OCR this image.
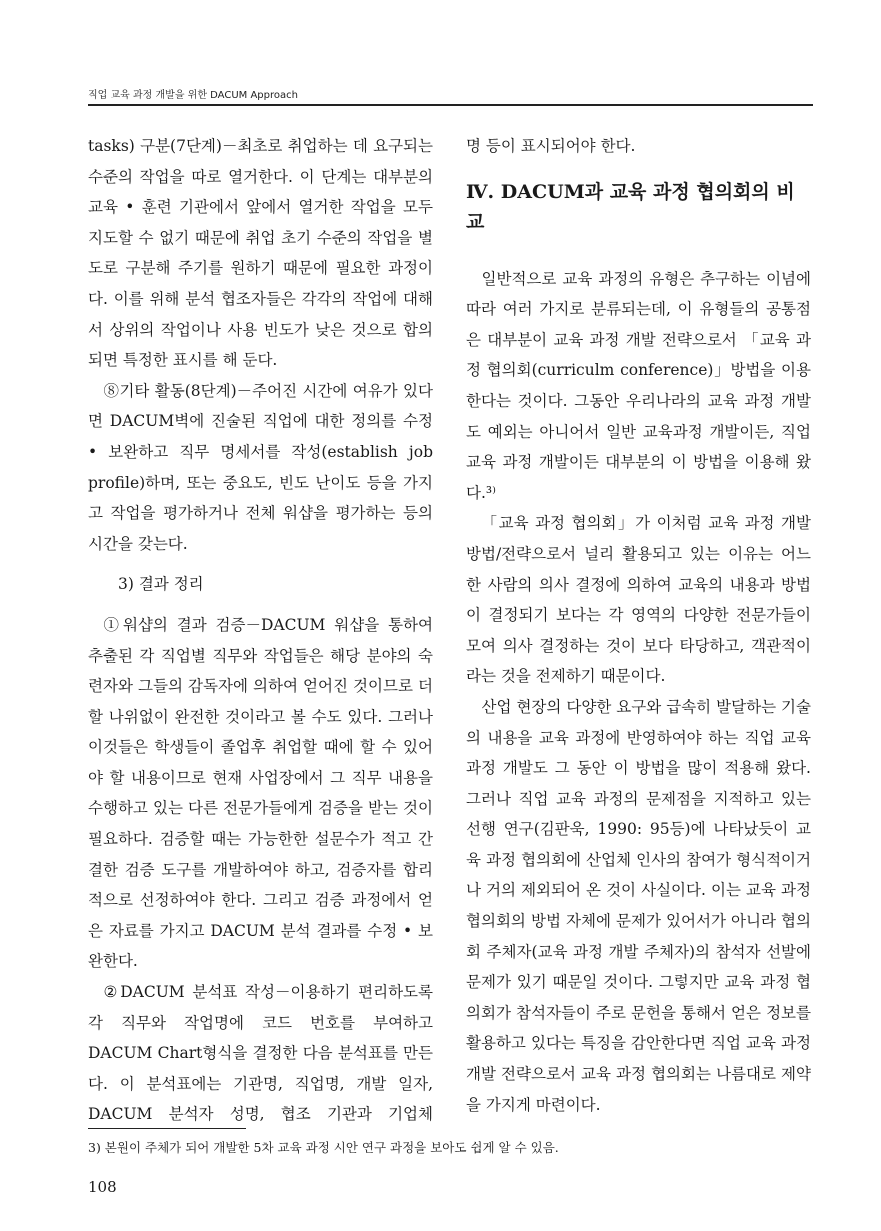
직업 교육 과정 개발을 위한 DACUM Approach

tasks) 구분(7단계)－최초로 취업하는 데 요구되는 수준의 작업을 따로 열거한다. 이 단계는 대부분의 교육 • 훈련 기관에서 앞에서 열거한 작업을 모두 지도할 수 없기 때문에 취업 초기 수준의 작업을 별도로 구분해 주기를 원하기 때문에 필요한 과정이다. 이를 위해 분석 협조자들은 각각의 작업에 대해서 상위의 작업이나 사용 빈도가 낮은 것으로 합의되면 특정한 표시를 해 둔다.

⑧기타 활동(8단계)－주어진 시간에 여유가 있다면 DACUM벽에 진술된 직업에 대한 정의를 수정 • 보완하고 직무 명세서를 작성(establish job profile)하며, 또는 중요도, 빈도 난이도 등을 가지고 작업을 평가하거나 전체 워샵을 평가하는 등의 시간을 갖는다.

3) 결과 정리

①워샵의 결과 검증－DACUM 워샵을 통하여 추출된 각 직업별 직무와 작업들은 해당 분야의 숙련자와 그들의 감독자에 의하여 얻어진 것이므로 더할 나위없이 완전한 것이라고 볼 수도 있다. 그러나 이것들은 학생들이 졸업후 취업할 때에 할 수 있어야 할 내용이므로 현재 사업장에서 그 직무 내용을 수행하고 있는 다른 전문가들에게 검증을 받는 것이 필요하다. 검증할 때는 가능한한 설문수가 적고 간결한 검증 도구를 개발하여야 하고, 검증자를 합리적으로 선정하여야 한다. 그리고 검증 과정에서 얻은 자료를 가지고 DACUM 분석 결과를 수정 • 보완한다.

②DACUM 분석표 작성－이용하기 편리하도록 각 직무와 작업명에 코드 번호를 부여하고 DACUM Chart형식을 결정한 다음 분석표를 만든다. 이 분석표에는 기관명, 직업명, 개발 일자, DACUM 분석자 성명, 협조 기관과 기업체

명 등이 표시되어야 한다.

Ⅳ. DACUM과 교육 과정 협의회의 비교

일반적으로 교육 과정의 유형은 추구하는 이념에 따라 여러 가지로 분류되는데, 이 유형들의 공통점은 대부분이 교육 과정 개발 전략으로서 「교육 과정 협의회(curriculm conference)」방법을 이용한다는 것이다. 그동안 우리나라의 교육 과정 개발도 예외는 아니어서 일반 교육과정 개발이든, 직업 교육 과정 개발이든 대부분의 이 방법을 이용해 왔다.³⁾

「교육 과정 협의회」가 이처럼 교육 과정 개발 방법/전략으로서 널리 활용되고 있는 이유는 어느 한 사람의 의사 결정에 의하여 교육의 내용과 방법이 결정되기 보다는 각 영역의 다양한 전문가들이 모여 의사 결정하는 것이 보다 타당하고, 객관적이라는 것을 전제하기 때문이다.

산업 현장의 다양한 요구와 급속히 발달하는 기술의 내용을 교육 과정에 반영하여야 하는 직업 교육 과정 개발도 그 동안 이 방법을 많이 적용해 왔다. 그러나 직업 교육 과정의 문제점을 지적하고 있는 선행 연구(김판욱, 1990: 95등)에 나타났듯이 교육 과정 협의회에 산업체 인사의 참여가 형식적이거나 거의 제외되어 온 것이 사실이다. 이는 교육 과정 협의회의 방법 자체에 문제가 있어서가 아니라 협의회 주체자(교육 과정 개발 주체자)의 참석자 선발에 문제가 있기 때문일 것이다. 그렇지만 교육 과정 협의회가 참석자들이 주로 문헌을 통해서 얻은 정보를 활용하고 있다는 특징을 감안한다면 직업 교육 과정 개발 전략으로서 교육 과정 협의회는 나름대로 제약을 가지게 마련이다.

3) 본원이 주체가 되어 개발한 5차 교육 과정 시안 연구 과정을 보아도 쉽게 알 수 있음.
108
